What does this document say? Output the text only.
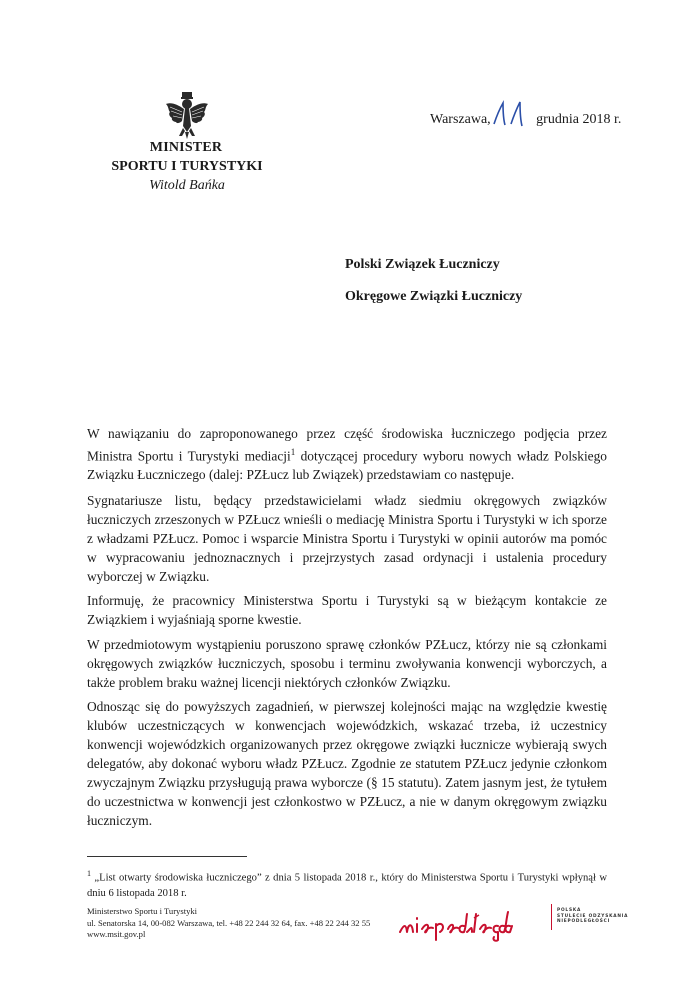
MINISTER
SPORTU I TURYSTYKI
Witold Bańka
Warszawa,	grudnia 2018 r.
Polski Związek Łuczniczy
Okręgowe Związki Łuczniczy
W nawiązaniu do zaproponowanego przez część środowiska łuczniczego podjęcia przez Ministra Sportu i Turystyki mediacji$^1$ dotyczącej procedury wyboru nowych władz Polskiego Związku Łuczniczego (dalej: PZŁucz lub Związek) przedstawiam co następuje.
Sygnatariusze listu, będący przedstawicielami władz siedmiu okręgowych związków łuczniczych zrzeszonych w PZŁucz wnieśli o mediację Ministra Sportu i Turystyki w ich sporze z władzami PZŁucz. Pomoc i wsparcie Ministra Sportu i Turystyki w opinii autorów ma pomóc w wypracowaniu jednoznacznych i przejrzystych zasad ordynacji i ustalenia procedury wyborczej w Związku.
Informuję, że pracownicy Ministerstwa Sportu i Turystyki są w bieżącym kontakcie ze Związkiem i wyjaśniają sporne kwestie.
W przedmiotowym wystąpieniu poruszono sprawę członków PZŁucz, którzy nie są członkami okręgowych związków łuczniczych, sposobu i terminu zwoływania konwencji wyborczych, a także problem braku ważnej licencji niektórych członków Związku.
Odnosząc się do powyższych zagadnień, w pierwszej kolejności mając na względzie kwestię klubów uczestniczących w konwencjach wojewódzkich, wskazać trzeba, iż uczestnicy konwencji wojewódzkich organizowanych przez okręgowe związki łucznicze wybierają swych delegatów, aby dokonać wyboru władz PZŁucz. Zgodnie ze statutem PZŁucz jedynie członkom zwyczajnym Związku przysługują prawa wyborcze (§ 15 statutu). Zatem jasnym jest, że tytułem do uczestnictwa w konwencji jest członkostwo w PZŁucz, a nie w danym okręgowym związku łuczniczym.
$^1$ „List otwarty środowiska łuczniczego” z dnia 5 listopada 2018 r., który do Ministerstwa Sportu i Turystyki wpłynął w dniu 6 listopada 2018 r.
Ministerstwo Sportu i Turystyki
ul. Senatorska 14, 00-082 Warszawa, tel. +48 22 244 32 64, fax. +48 22 244 32 55
www.msit.gov.pl
POLSKA
STULECIE ODZYSKANIA
NIEPODLEGŁOŚCI
